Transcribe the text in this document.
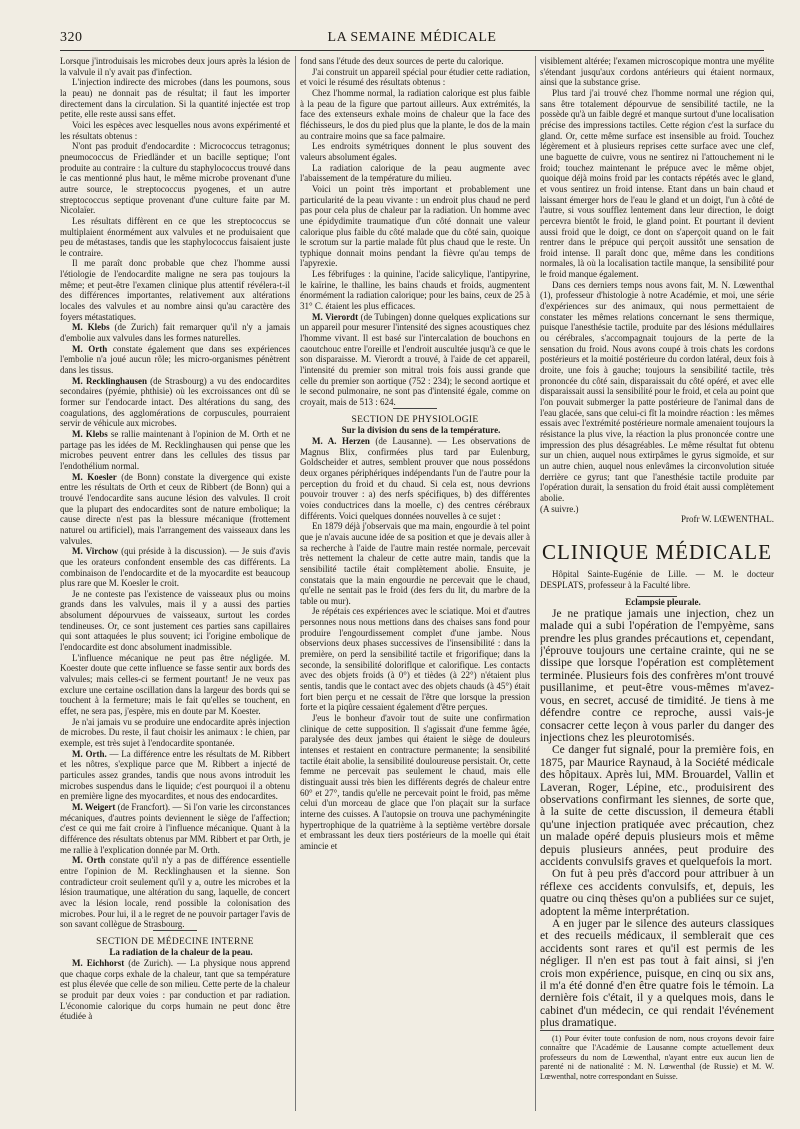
320	LA SEMAINE MÉDICALE

Lorsque j'introduisais les microbes deux jours après la lésion de la valvule il n'y avait pas d'infection.

L'injection indirecte des microbes (dans les poumons, sous la peau) ne donnait pas de résultat; il faut les importer directement dans la circulation. Si la quantité injectée est trop petite, elle reste aussi sans effet.

Voici les espèces avec lesquelles nous avons expérimenté et les résultats obtenus :

N'ont pas produit d'endocardite : Micrococcus tetragonus; pneumococcus de Friedländer et un bacille septique; l'ont produite au contraire : la culture du staphylococcus trouvé dans le cas mentionné plus haut, le même microbe provenant d'une autre source, le streptococcus pyogenes, et un autre streptococcus septique provenant d'une culture faite par M. Nicolaïer.

Les résultats diffèrent en ce que les streptococcus se multiplaient énormément aux valvules et ne produisaient que peu de métastases, tandis que les staphylococcus faisaient juste le contraire.

Il me paraît donc probable que chez l'homme aussi l'étiologie de l'endocardite maligne ne sera pas toujours la même; et peut-être l'examen clinique plus attentif révélera-t-il des différences importantes, relativement aux altérations locales des valvules et au nombre ainsi qu'au caractère des foyers métastatiques.

M. Klebs (de Zurich) fait remarquer qu'il n'y a jamais d'embolie aux valvules dans les formes naturelles.

M. Orth constate également que dans ses expériences l'embolie n'a joué aucun rôle; les micro-organismes pénètrent dans les tissus.

M. Recklinghausen (de Strasbourg) a vu des endocardites secondaires (pyémie, phthisie) où les excroissances ont dû se former sur l'endocarde intact. Des altérations du sang, des coagulations, des agglomérations de corpuscules, pourraient servir de véhicule aux microbes.

M. Klebs se rallie maintenant à l'opinion de M. Orth et ne partage pas les idées de M. Recklinghausen qui pense que les microbes peuvent entrer dans les cellules des tissus par l'endothélium normal.

M. Koesler (de Bonn) constate la divergence qui existe entre les résultats de Orth et ceux de Ribbert (de Bonn) qui a trouvé l'endocardite sans aucune lésion des valvules. Il croit que la plupart des endocardites sont de nature embolique; la cause directe n'est pas la blessure mécanique (frottement naturel ou artificiel), mais l'arrangement des vaisseaux dans les valvules.

M. Virchow (qui préside à la discussion). — Je suis d'avis que les orateurs confondent ensemble des cas différents. La combinaison de l'endocardite et de la myocardite est beaucoup plus rare que M. Koesler le croit.

Je ne conteste pas l'existence de vaisseaux plus ou moins grands dans les valvules, mais il y a aussi des parties absolument dépourvues de vaisseaux, surtout les cordes tendineuses. Or, ce sont justement ces parties sans capillaires qui sont attaquées le plus souvent; ici l'origine embolique de l'endocardite est donc absolument inadmissible.

L'influence mécanique ne peut pas être négligée. M. Koester doute que cette influence se fasse sentir aux bords des valvules; mais celles-ci se ferment pourtant! Je ne veux pas exclure une certaine oscillation dans la largeur des bords qui se touchent à la fermeture; mais le fait qu'elles se touchent, en effet, ne sera pas, j'espère, mis en doute par M. Koester.

Je n'ai jamais vu se produire une endocardite après injection de microbes. Du reste, il faut choisir les animaux : le chien, par exemple, est très sujet à l'endocardite spontanée.

M. Orth. — La différence entre les résultats de M. Ribbert et les nôtres, s'explique parce que M. Ribbert a injecté de particules assez grandes, tandis que nous avons introduit les microbes suspendus dans le liquide; c'est pourquoi il a obtenu en première ligne des myocardites, et nous des endocardites.

M. Weigert (de Francfort). — Si l'on varie les circonstances mécaniques, d'autres points deviennent le siège de l'affection; c'est ce qui me fait croire à l'influence mécanique. Quant à la différence des résultats obtenus par MM. Ribbert et par Orth, je me rallie à l'explication donnée par M. Orth.

M. Orth constate qu'il n'y a pas de différence essentielle entre l'opinion de M. Recklinghausen et la sienne. Son contradicteur croit seulement qu'il y a, outre les microbes et la lésion traumatique, une altération du sang, laquelle, de concert avec la lésion locale, rend possible la colonisation des microbes. Pour lui, il a le regret de ne pouvoir partager l'avis de son savant collègue de Strasbourg.

SECTION DE MÉDECINE INTERNE

La radiation de la chaleur de la peau.

M. Eichhorst (de Zurich). — La physique nous apprend que chaque corps exhale de la chaleur, tant que sa température est plus élevée que celle de son milieu. Cette perte de la chaleur se produit par deux voies : par conduction et par radiation. L'économie calorique du corps humain ne peut donc être étudiée à

fond sans l'étude des deux sources de perte du calorique.

J'ai construit un appareil spécial pour étudier cette radiation, et voici le résumé des résultats obtenus :

Chez l'homme normal, la radiation calorique est plus faible à la peau de la figure que partout ailleurs. Aux extrémités, la face des extenseurs exhale moins de chaleur que la face des fléchisseurs, le dos du pied plus que la plante, le dos de la main au contraire moins que sa face palmaire.

Les endroits symétriques donnent le plus souvent des valeurs absolument égales.

La radiation calorique de la peau augmente avec l'abaissement de la température du milieu.

Voici un point très important et probablement une particularité de la peau vivante : un endroit plus chaud ne perd pas pour cela plus de chaleur par la radiation. Un homme avec une épidydimite traumatique d'un côté donnait une valeur calorique plus faible du côté malade que du côté sain, quoique le scrotum sur la partie malade fût plus chaud que le reste. Un typhique donnait moins pendant la fièvre qu'au temps de l'apyrexie.

Les fébrifuges : la quinine, l'acide salicylique, l'antipyrine, le kaïrine, le thalline, les bains chauds et froids, augmentent énormément la radiation calorique; pour les bains, ceux de 25 à 31° C. étaient les plus efficaces.

M. Vierordt (de Tubingen) donne quelques explications sur un appareil pour mesurer l'intensité des signes acoustiques chez l'homme vivant. Il est basé sur l'intercalation de bouchons en caoutchouc entre l'oreille et l'endroit auscultée jusqu'à ce que le son disparaisse. M. Vierordt a trouvé, à l'aide de cet appareil, l'intensité du premier son mitral trois fois aussi grande que celle du premier son aortique (752 : 234); le second aortique et le second pulmonaire, ne sont pas d'intensité égale, comme on croyait, mais de 513 : 624.

SECTION DE PHYSIOLOGIE

Sur la division du sens de la température.

M. A. Herzen (de Lausanne). — Les observations de Magnus Blix, confirmées plus tard par Eulenburg, Goldscheider et autres, semblent prouver que nous possédons deux organes périphériques indépendants l'un de l'autre pour la perception du froid et du chaud. Si cela est, nous devrions pouvoir trouver : a) des nerfs spécifiques, b) des différentes voies conductrices dans la moelle, c) des centres cérébraux différents. Voici quelques données nouvelles à ce sujet :

En 1879 déjà j'observais que ma main, engourdie à tel point que je n'avais aucune idée de sa position et que je devais aller à sa recherche à l'aide de l'autre main restée normale, percevait très nettement la chaleur de cette autre main, tandis que la sensibilité tactile était complètement abolie. Ensuite, je constatais que la main engourdie ne percevait que le chaud, qu'elle ne sentait pas le froid (des fers du lit, du marbre de la table ou mur).

Je répétais ces expériences avec le sciatique. Moi et d'autres personnes nous nous mettions dans des chaises sans fond pour produire l'engourdissement complet d'une jambe. Nous observions deux phases successives de l'insensibilité : dans la première, on perd la sensibilité tactile et frigorifique; dans la seconde, la sensibilité doloriflque et calorifique. Les contacts avec des objets froids (à 0°) et tièdes (à 22°) n'étaient plus sentis, tandis que le contact avec des objets chauds (à 45°) était fort bien perçu et ne cessait de l'être que lorsque la pression forte et la piqûre cessaient également d'être perçues.

J'eus le bonheur d'avoir tout de suite une confirmation clinique de cette supposition. Il s'agissait d'une femme âgée, paralysée des deux jambes qui étaient le siège de douleurs intenses et restaient en contracture permanente; la sensibilité tactile était abolie, la sensibilité douloureuse persistait. Or, cette femme ne percevait pas seulement le chaud, mais elle distinguait aussi très bien les différents degrés de chaleur entre 60° et 27°, tandis qu'elle ne percevait point le froid, pas même celui d'un morceau de glace que l'on plaçait sur la surface interne des cuisses. A l'autopsie on trouva une pachyméningite hypertrophique de la quatrième à la septième vertèbre dorsale et embrassant les deux tiers postérieurs de la moelle qui était amincie et

visiblement altérée; l'examen microscopique montra une myélite s'étendant jusqu'aux cordons antérieurs qui étaient normaux, ainsi que la substance grise.

Plus tard j'ai trouvé chez l'homme normal une région qui, sans être totalement dépourvue de sensibilité tactile, ne la possède qu'à un faible degré et manque surtout d'une localisation précise des impressions tactiles. Cette région c'est la surface du gland. Or, cette même surface est insensible au froid. Touchez légèrement et à plusieurs reprises cette surface avec une clef, une baguette de cuivre, vous ne sentirez ni l'attouchement ni le froid; touchez maintenant le prépuce avec le même objet, quoique déjà moins froid par les contacts répétés avec le gland, et vous sentirez un froid intense. Etant dans un bain chaud et laissant émerger hors de l'eau le gland et un doigt, l'un à côté de l'autre, si vous soufflez lentement dans leur direction, le doigt percevra bientôt le froid, le gland point. Et pourtant il devient aussi froid que le doigt, ce dont on s'aperçoit quand on le fait rentrer dans le prépuce qui perçoit aussitôt une sensation de froid intense. Il paraît donc que, même dans les conditions normales, là où la localisation tactile manque, la sensibilité pour le froid manque également.

Dans ces derniers temps nous avons fait, M. N. Lœwenthal (1), professeur d'histologie à notre Académie, et moi, une série d'expériences sur des animaux, qui nous permettaient de constater les mêmes relations concernant le sens thermique, puisque l'anesthésie tactile, produite par des lésions médullaires ou cérébrales, s'accompagnait toujours de la perte de la sensation du froid. Nous avons coupé à trois chats les cordons postérieurs et la moitié postérieure du cordon latéral, deux fois à droite, une fois à gauche; toujours la sensibilité tactile, très prononcée du côté sain, disparaissait du côté opéré, et avec elle disparaissait aussi la sensibilité pour le froid, et cela au point que l'on pouvait submerger la patte postérieure de l'animal dans de l'eau glacée, sans que celui-ci fît la moindre réaction : les mêmes essais avec l'extrémité postérieure normale amenaient toujours la résistance la plus vive, la réaction la plus prononcée contre une impression des plus désagréables. Le même résultat fut obtenu sur un chien, auquel nous extirpâmes le gyrus sigmoïde, et sur un autre chien, auquel nous enlevâmes la circonvolution située derrière ce gyrus; tant que l'anesthésie tactile produite par l'opération durait, la sensation du froid était aussi complètement abolie.

(A suivre.)

Profr W. LŒWENTHAL.

CLINIQUE MÉDICALE

Hôpital Sainte-Eugénie de Lille. — M. le docteur DESPLATS, professeur à la Faculté libre.

Eclampsie pleurale.

Je ne pratique jamais une injection, chez un malade qui a subi l'opération de l'empyème, sans prendre les plus grandes précautions et, cependant, j'éprouve toujours une certaine crainte, qui ne se dissipe que lorsque l'opération est complètement terminée. Plusieurs fois des confrères m'ont trouvé pusillanime, et peut-être vous-mêmes m'avez-vous, en secret, accusé de timidité. Je tiens à me défendre contre ce reproche, aussi vais-je consacrer cette leçon à vous parler du danger des injections chez les pleurotomisés.

Ce danger fut signalé, pour la première fois, en 1875, par Maurice Raynaud, à la Société médicale des hôpitaux. Après lui, MM. Brouardel, Vallin et Laveran, Roger, Lépine, etc., produisirent des observations confirmant les siennes, de sorte que, à la suite de cette discussion, il demeura établi qu'une injection pratiquée avec précaution, chez un malade opéré depuis plusieurs mois et même depuis plusieurs années, peut produire des accidents convulsifs graves et quelquefois la mort.

On fut à peu près d'accord pour attribuer à un réflexe ces accidents convulsifs, et, depuis, les quatre ou cinq thèses qu'on a publiées sur ce sujet, adoptent la même interprétation.

A en juger par le silence des auteurs classiques et des recueils médicaux, il semblerait que ces accidents sont rares et qu'il est permis de les négliger. Il n'en est pas tout à fait ainsi, si j'en crois mon expérience, puisque, en cinq ou six ans, il m'a été donné d'en être quatre fois le témoin. La dernière fois c'était, il y a quelques mois, dans le cabinet d'un médecin, ce qui rendait l'événement plus dramatique.

(1) Pour éviter toute confusion de nom, nous croyons devoir faire connaître que l'Académie de Lausanne compte actuellement deux professeurs du nom de Lœwenthal, n'ayant entre eux aucun lien de parenté ni de nationalité : M. N. Lœwenthal (de Russie) et M. W. Lœwenthal, notre correspondant en Suisse.
